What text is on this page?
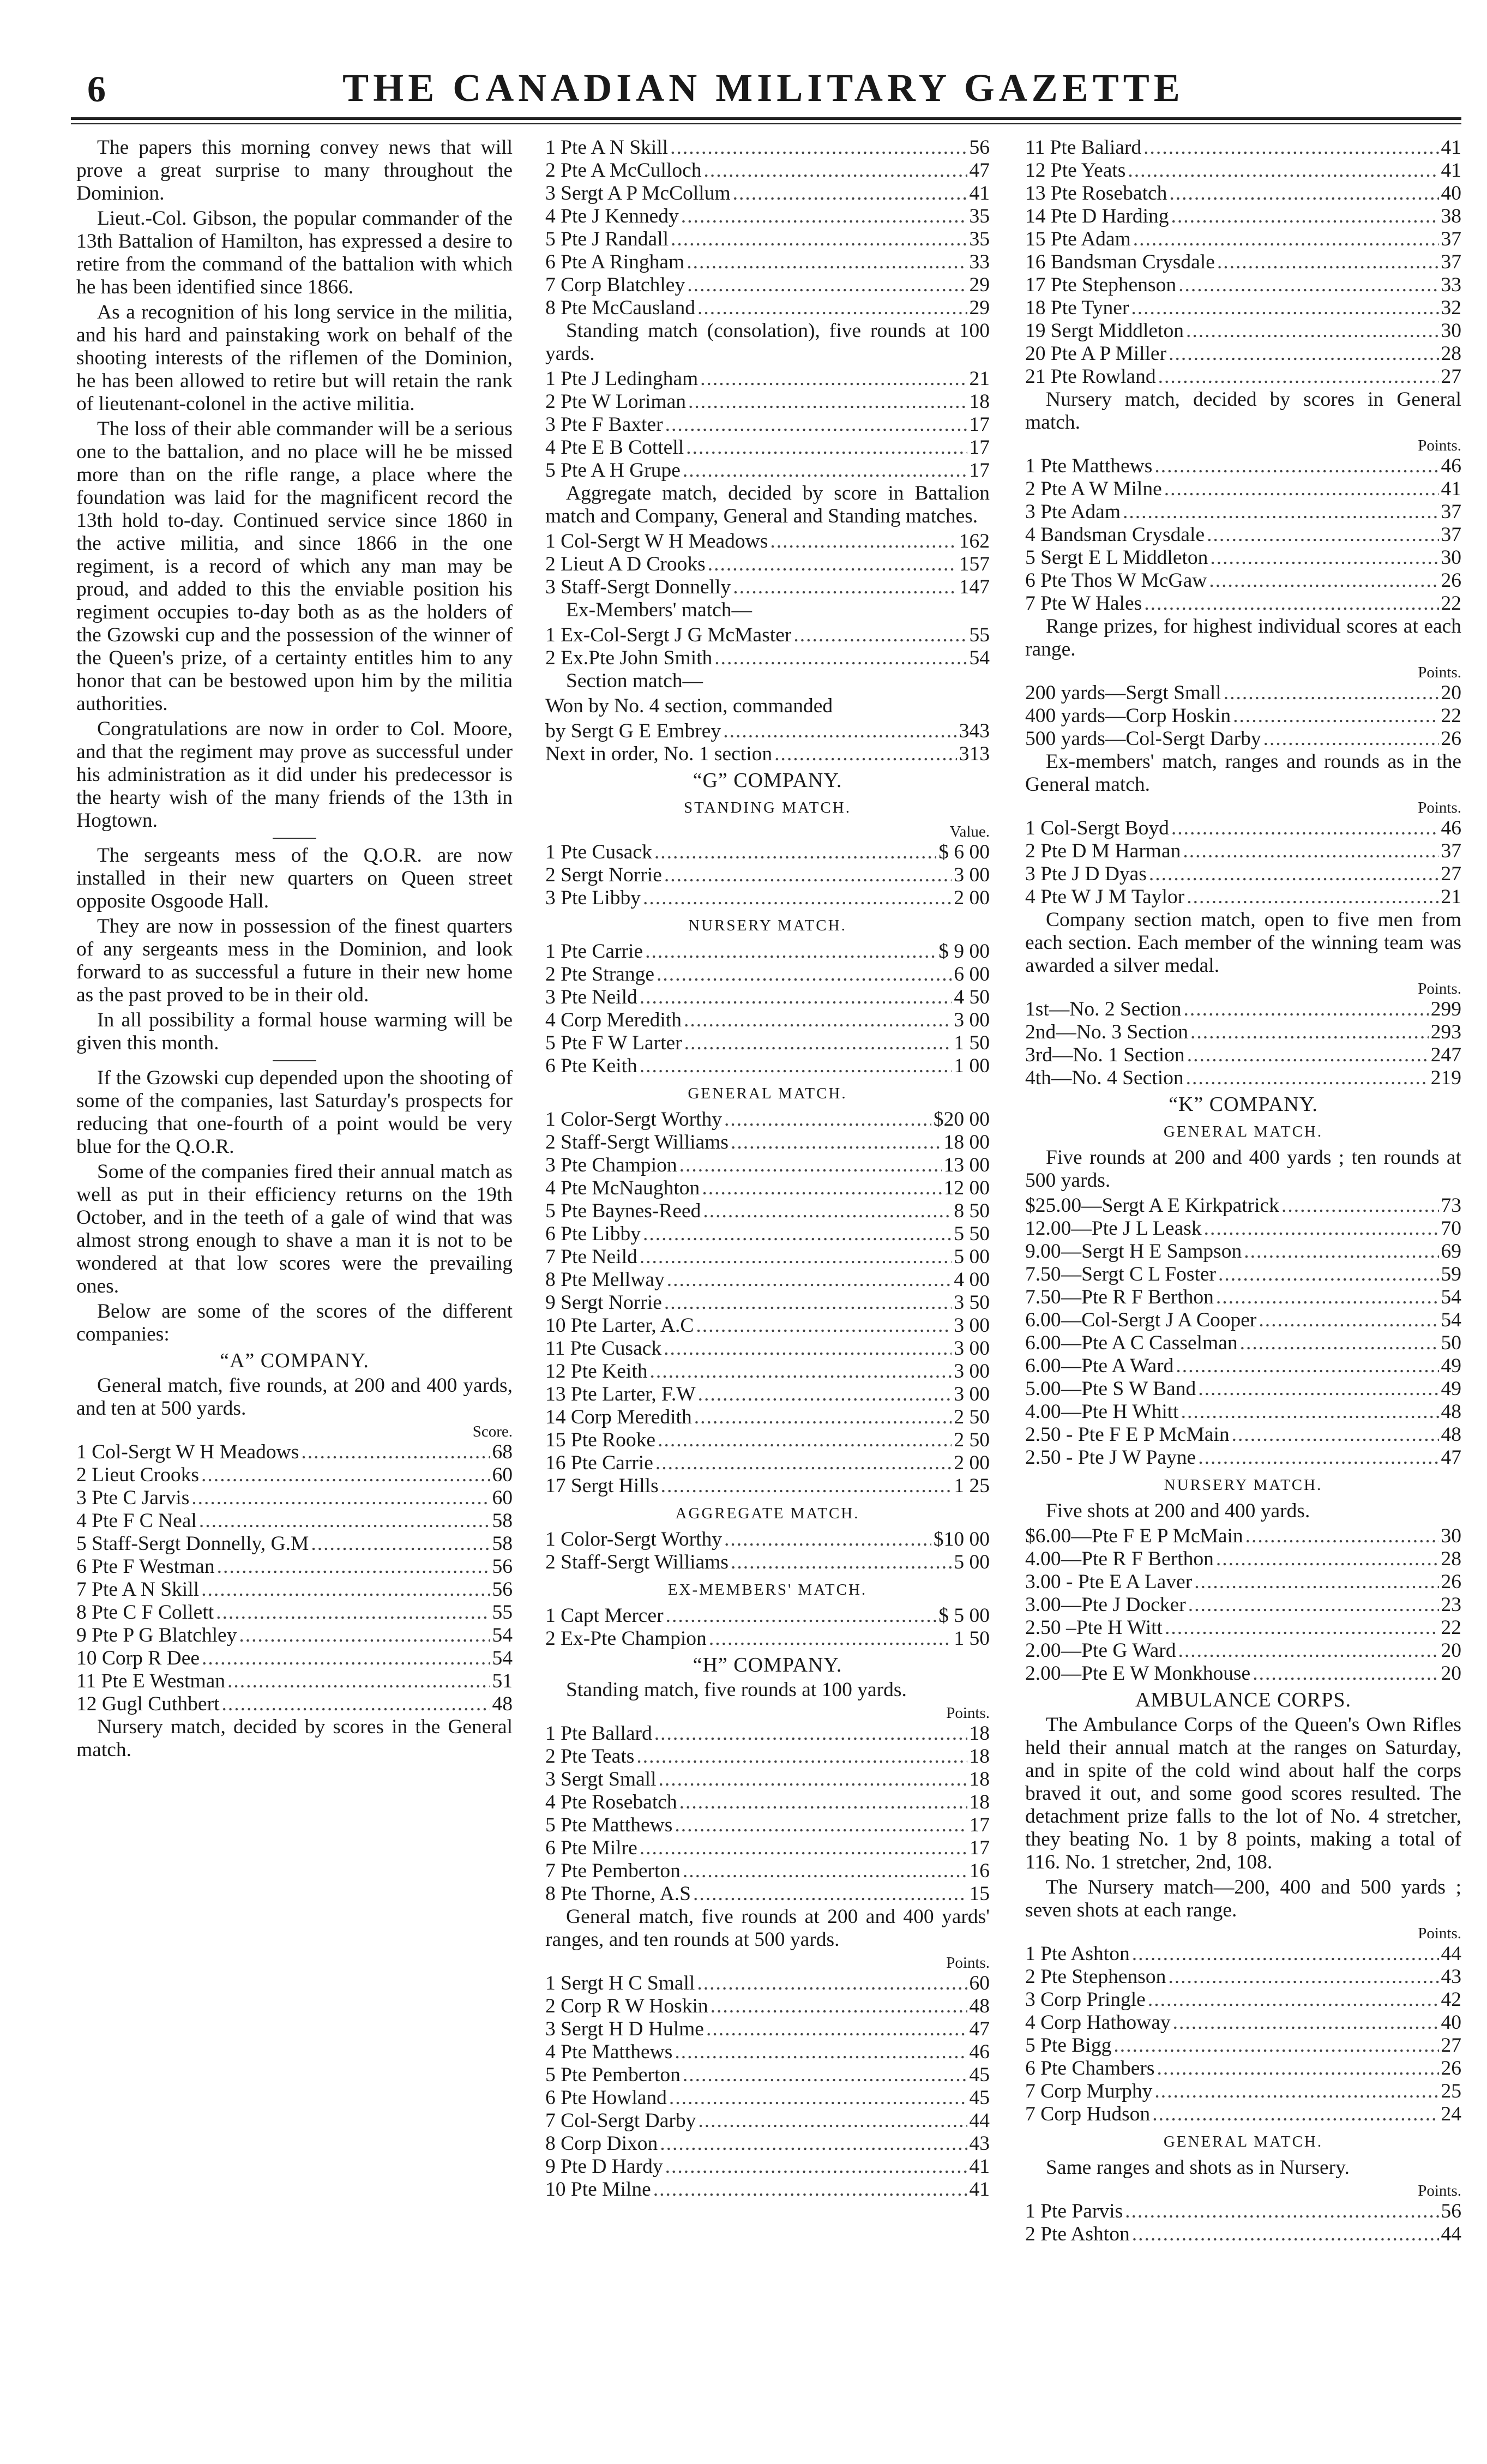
6	THE CANADIAN MILITARY GAZETTE

The papers this morning convey news that will prove a great surprise to many throughout the Dominion.

Lieut.-Col. Gibson, the popular commander of the 13th Battalion of Hamilton, has expressed a desire to retire from the command of the battalion with which he has been identified since 1866.

As a recognition of his long service in the militia, and his hard and painstaking work on behalf of the shooting interests of the riflemen of the Dominion, he has been allowed to retire but will retain the rank of lieutenant-colonel in the active militia.

The loss of their able commander will be a serious one to the battalion, and no place will he be missed more than on the rifle range, a place where the foundation was laid for the magnificent record the 13th hold to-day. Continued service since 1860 in the active militia, and since 1866 in the one regiment, is a record of which any man may be proud, and added to this the enviable position his regiment occupies to-day both as as the holders of the Gzowski cup and the possession of the winner of the Queen's prize, of a certainty entitles him to any honor that can be bestowed upon him by the militia authorities.

Congratulations are now in order to Col. Moore, and that the regiment may prove as successful under his administration as it did under his predecessor is the hearty wish of the many friends of the 13th in Hogtown.

The sergeants mess of the Q.O.R. are now installed in their new quarters on Queen street opposite Osgoode Hall.

They are now in possession of the finest quarters of any sergeants mess in the Dominion, and look forward to as successful a future in their new home as the past proved to be in their old.

In all possibility a formal house warming will be given this month.

If the Gzowski cup depended upon the shooting of some of the companies, last Saturday's prospects for reducing that one-fourth of a point would be very blue for the Q.O.R.

Some of the companies fired their annual match as well as put in their efficiency returns on the 19th October, and in the teeth of a gale of wind that was almost strong enough to shave a man it is not to be wondered at that low scores were the prevailing ones.

Below are some of the scores of the different companies:

“A” COMPANY.

General match, five rounds, at 200 and 400 yards, and ten at 500 yards.

Score.

1 Col-Sergt W H Meadows .....	68
2 Lieut Crooks .....	60
3 Pte C Jarvis .....	60
4 Pte F C Neal .....	58
5 Staff-Sergt Donnelly, G.M .....	58
6 Pte F Westman .....	56
7 Pte A N Skill .....	56
8 Pte C F Collett .....	55
9 Pte P G Blatchley .....	54
10 Corp R Dee .....	54
11 Pte E Westman .....	51
12 Gugl Cuthbert .....	48

Nursery match, decided by scores in the General match.

1 Pte A N Skill .....	56
2 Pte A McCulloch .....	47
3 Sergt A P McCollum .....	41
4 Pte J Kennedy .....	35
5 Pte J Randall .....	35
6 Pte A Ringham .....	33
7 Corp Blatchley .....	29
8 Pte McCausland .....	29

Standing match (consolation), five rounds at 100 yards.

1 Pte J Ledingham .....	21
2 Pte W Loriman .....	18
3 Pte F Baxter .....	17
4 Pte E B Cottell .....	17
5 Pte A H Grupe .....	17

Aggregate match, decided by score in Battalion match and Company, General and Standing matches.

1 Col-Sergt W H Meadows .....	162
2 Lieut A D Crooks .....	157
3 Staff-Sergt Donnelly .....	147

Ex-Members' match—

1 Ex-Col-Sergt J G McMaster .....	55
2 Ex.Pte John Smith .....	54

Section match—

Won by No. 4 section, commanded

by Sergt G E Embrey .....	343
Next in order, No. 1 section .....	313
“G” COMPANY.
STANDING MATCH.

Value.

1 Pte Cusack .....	$ 6 00
2 Sergt Norrie .....	3 00
3 Pte Libby .....	2 00
NURSERY MATCH.
1 Pte Carrie .....	$ 9 00
2 Pte Strange .....	6 00
3 Pte Neild .....	4 50
4 Corp Meredith .....	3 00
5 Pte F W Larter .....	1 50
6 Pte Keith .....	1 00
GENERAL MATCH.
1 Color-Sergt Worthy .....	$20 00
2 Staff-Sergt Williams .....	18 00
3 Pte Champion .....	13 00
4 Pte McNaughton .....	12 00
5 Pte Baynes-Reed .....	8 50
6 Pte Libby .....	5 50
7 Pte Neild .....	5 00
8 Pte Mellway .....	4 00
9 Sergt Norrie .....	3 50
10 Pte Larter, A.C .....	3 00
11 Pte Cusack .....	3 00
12 Pte Keith .....	3 00
13 Pte Larter, F.W .....	3 00
14 Corp Meredith .....	2 50
15 Pte Rooke .....	2 50
16 Pte Carrie .....	2 00
17 Sergt Hills .....	1 25
AGGREGATE MATCH.
1 Color-Sergt Worthy .....	$10 00
2 Staff-Sergt Williams .....	5 00
EX-MEMBERS' MATCH.
1 Capt Mercer .....	$ 5 00
2 Ex-Pte Champion .....	1 50
“H” COMPANY.

Standing match, five rounds at 100 yards.

Points.

1 Pte Ballard .....	18
2 Pte Teats .....	18
3 Sergt Small .....	18
4 Pte Rosebatch .....	18
5 Pte Matthews .....	17
6 Pte Milre .....	17
7 Pte Pemberton .....	16
8 Pte Thorne, A.S .....	15

General match, five rounds at 200 and 400 yards' ranges, and ten rounds at 500 yards.

Points.

1 Sergt H C Small .....	60
2 Corp R W Hoskin .....	48
3 Sergt H D Hulme .....	47
4 Pte Matthews .....	46
5 Pte Pemberton .....	45
6 Pte Howland .....	45
7 Col-Sergt Darby .....	44
8 Corp Dixon .....	43
9 Pte D Hardy .....	41
10 Pte Milne .....	41
11 Pte Baliard .....	41
12 Pte Yeats .....	41
13 Pte Rosebatch .....	40
14 Pte D Harding .....	38
15 Pte Adam .....	37
16 Bandsman Crysdale .....	37
17 Pte Stephenson .....	33
18 Pte Tyner .....	32
19 Sergt Middleton .....	30
20 Pte A P Miller .....	28
21 Pte Rowland .....	27

Nursery match, decided by scores in General match.

Points.

1 Pte Matthews .....	46
2 Pte A W Milne .....	41
3 Pte Adam .....	37
4 Bandsman Crysdale .....	37
5 Sergt E L Middleton .....	30
6 Pte Thos W McGaw .....	26
7 Pte W Hales .....	22

Range prizes, for highest individual scores at each range.

Points.

200 yards—Sergt Small .....	20
400 yards—Corp Hoskin .....	22
500 yards—Col-Sergt Darby .....	26

Ex-members' match, ranges and rounds as in the General match.

Points.

1 Col-Sergt Boyd .....	46
2 Pte D M Harman .....	37
3 Pte J D Dyas .....	27
4 Pte W J M Taylor .....	21

Company section match, open to five men from each section. Each member of the winning team was awarded a silver medal.

Points.

1st—No. 2 Section .....	299
2nd—No. 3 Section .....	293
3rd—No. 1 Section .....	247
4th—No. 4 Section .....	219
“K” COMPANY.
GENERAL MATCH.

Five rounds at 200 and 400 yards ; ten rounds at 500 yards.

$25.00—Sergt A E Kirkpatrick .....	73
12.00—Pte J L Leask .....	70
9.00—Sergt H E Sampson .....	69
7.50—Sergt C L Foster .....	59
7.50—Pte R F Berthon .....	54
6.00—Col-Sergt J A Cooper .....	54
6.00—Pte A C Casselman .....	50
6.00—Pte A Ward .....	49
5.00—Pte S W Band .....	49
4.00—Pte H Whitt .....	48
2.50 - Pte F E P McMain .....	48
2.50 - Pte J W Payne .....	47
NURSERY MATCH.

Five shots at 200 and 400 yards.

$6.00—Pte F E P McMain .....	30
4.00—Pte R F Berthon .....	28
3.00 - Pte E A Laver .....	26
3.00—Pte J Docker .....	23
2.50 –Pte H Witt .....	22
2.00—Pte G Ward .....	20
2.00—Pte E W Monkhouse .....	20
AMBULANCE CORPS.

The Ambulance Corps of the Queen's Own Rifles held their annual match at the ranges on Saturday, and in spite of the cold wind about half the corps braved it out, and some good scores resulted. The detachment prize falls to the lot of No. 4 stretcher, they beating No. 1 by 8 points, making a total of 116. No. 1 stretcher, 2nd, 108.

The Nursery match—200, 400 and 500 yards ; seven shots at each range.

Points.

1 Pte Ashton .....	44
2 Pte Stephenson .....	43
3 Corp Pringle .....	42
4 Corp Hathoway .....	40
5 Pte Bigg .....	27
6 Pte Chambers .....	26
7 Corp Murphy .....	25
7 Corp Hudson .....	24
GENERAL MATCH.

Same ranges and shots as in Nursery.

Points.

1 Pte Parvis .....	56
2 Pte Ashton .....	44
